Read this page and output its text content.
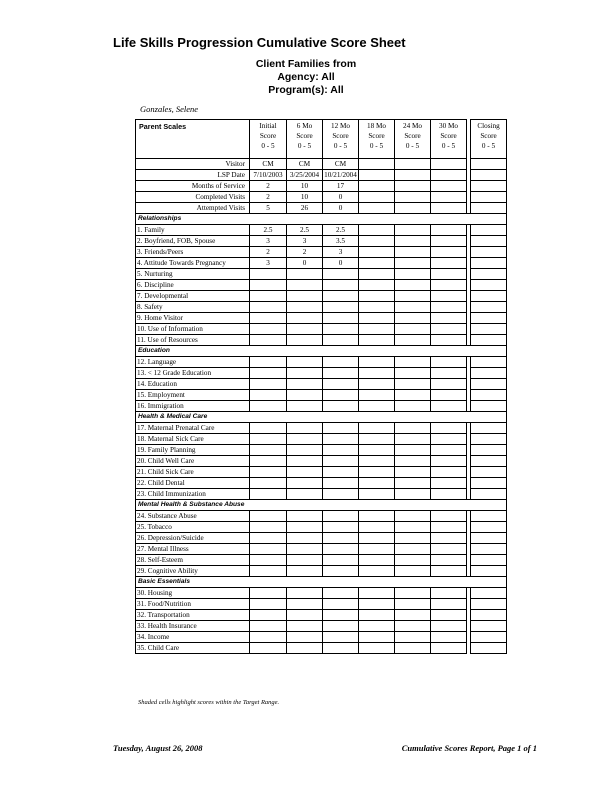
Life Skills Progression Cumulative Score Sheet
Client Families from
Agency: All
Program(s): All
Gonzales, Selene
Parent Scales	Initial
Score
0 - 5	6 Mo
Score
0 - 5	12 Mo
Score
0 - 5	18 Mo
Score
0 - 5	24 Mo
Score
0 - 5	30 Mo
Score
0 - 5		Closing
Score
0 - 5
Visitor	CM	CM	CM					
LSP Date	7/10/2003	3/25/2004	10/21/2004					
Months of Service	2	10	17					
Completed Visits	2	10	0					
Attempted Visits	5	26	0					
Relationships								
1. Family	2.5	2.5	2.5					
2. Boyfriend, FOB, Spouse	3	3	3.5					
3. Friends/Peers	2	2	3					
4. Attitude Towards Pregnancy	3	0	0					
5. Nurturing								
6. Discipline								
7. Developmental								
8. Safety								
9. Home Visitor								
10. Use of Information								
11. Use of Resources								
Education								
12. Language								
13. < 12 Grade Education								
14. Education								
15. Employment								
16. Immigration								
Health & Medical Care								
17. Maternal Prenatal Care								
18. Maternal Sick Care								
19. Family Planning								
20. Child Well Care								
21. Child Sick Care								
22. Child Dental								
23. Child Immunization								
Mental Health & Substance Abuse								
24. Substance Abuse								
25. Tobacco								
26. Depression/Suicide								
27. Mental Illness								
28. Self-Esteem								
29. Cognitive Ability								
Basic Essentials								
30. Housing								
31. Food/Nutrition								
32. Transportation								
33. Health Insurance								
34. Income								
35. Child Care								
Shaded cells highlight scores within the Target Range.
Tuesday, August 26, 2008	Cumulative Scores Report, Page 1 of 1
